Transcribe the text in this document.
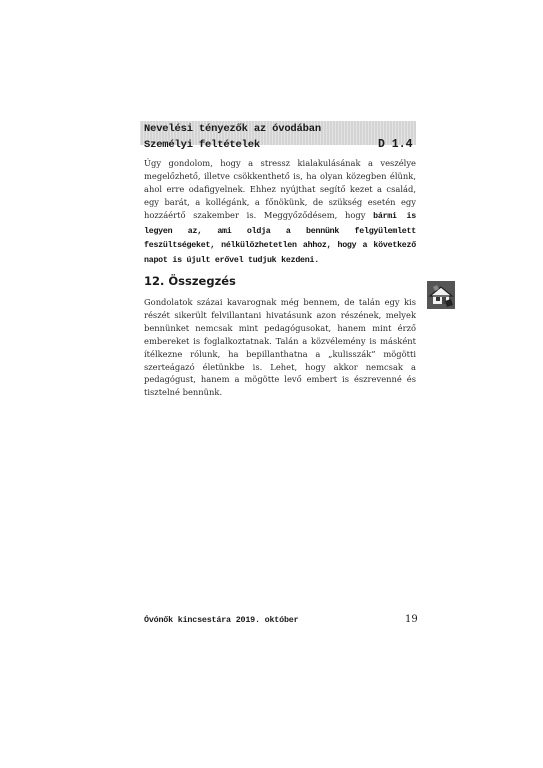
Nevelési tényezők az óvodában
Személyi feltételek	D 1.4
Úgy gondolom, hogy a stressz kialakulásának a veszélye megelőzhető, illetve csökkenthető is, ha olyan közegben élünk, ahol erre odafigyelnek. Ehhez nyújthat segítő kezet a család, egy barát, a kollégánk, a főnökünk, de szükség esetén egy hozzáértő szakember is. Meggyőződésem, hogy bármi is legyen az, ami oldja a bennünk felgyülemlett feszültségeket, nélkülözhetetlen ahhoz, hogy a következő napot is újult erővel tudjuk kezdeni.
12. Összegzés
Gondolatok százai kavarognak még bennem, de talán egy kis részét sikerült felvillantani hivatásunk azon részének, melyek bennünket nemcsak mint pedagógusokat, hanem mint érző embereket is foglalkoztatnak. Talán a közvélemény is másként ítélkezne rólunk, ha bepillanthatna a „kulisszák” mögötti szerteágazó életünkbe is. Lehet, hogy akkor nemcsak a pedagógust, hanem a mögötte levő embert is észrevenné és tisztelné bennünk.
Óvónők kincsestára 2019. október	19
